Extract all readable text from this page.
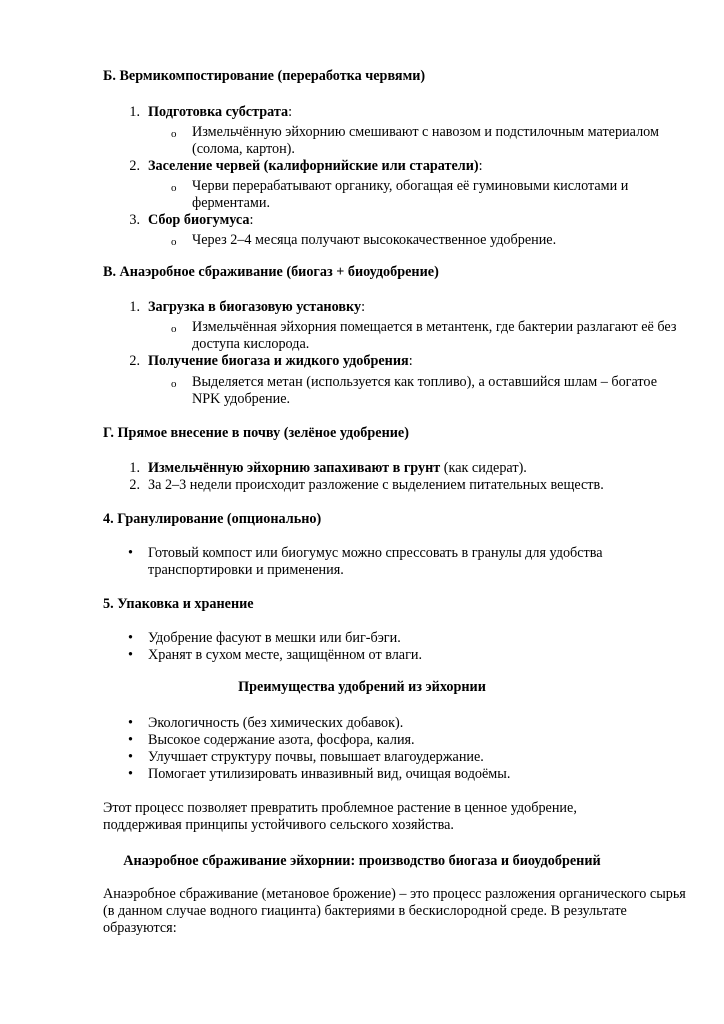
Б. Вермикомпостирование (переработка червями)

1. Подготовка субстрата:

o Измельчённую эйхорнию смешивают с навозом и подстилочным материалом (солома, картон).

2. Заселение червей (калифорнийские или старатели):

o Черви перерабатывают органику, обогащая её гуминовыми кислотами и ферментами.

3. Сбор биогумуса:

o Через 2–4 месяца получают высококачественное удобрение.

В. Анаэробное сбраживание (биогаз + биоудобрение)

1. Загрузка в биогазовую установку:

o Измельчённая эйхорния помещается в метантенк, где бактерии разлагают её без доступа кислорода.

2. Получение биогаза и жидкого удобрения:

o Выделяется метан (используется как топливо), а оставшийся шлам – богатое NPK удобрение.

Г. Прямое внесение в почву (зелёное удобрение)

1. Измельчённую эйхорнию запахивают в грунт (как сидерат).

2. За 2–3 недели происходит разложение с выделением питательных веществ.

4. Гранулирование (опционально)

• Готовый компост или биогумус можно спрессовать в гранулы для удобства транспортировки и применения.

5. Упаковка и хранение

• Удобрение фасуют в мешки или биг-бэги.

• Хранят в сухом месте, защищённом от влаги.

Преимущества удобрений из эйхорнии

• Экологичность (без химических добавок).

• Высокое содержание азота, фосфора, калия.

• Улучшает структуру почвы, повышает влагоудержание.

• Помогает утилизировать инвазивный вид, очищая водоёмы.

Этот процесс позволяет превратить проблемное растение в ценное удобрение, поддерживая принципы устойчивого сельского хозяйства.

Анаэробное сбраживание эйхорнии: производство биогаза и биоудобрений

Анаэробное сбраживание (метановое брожение) – это процесс разложения органического сырья (в данном случае водного гиацинта) бактериями в бескислородной среде. В результате образуются:
